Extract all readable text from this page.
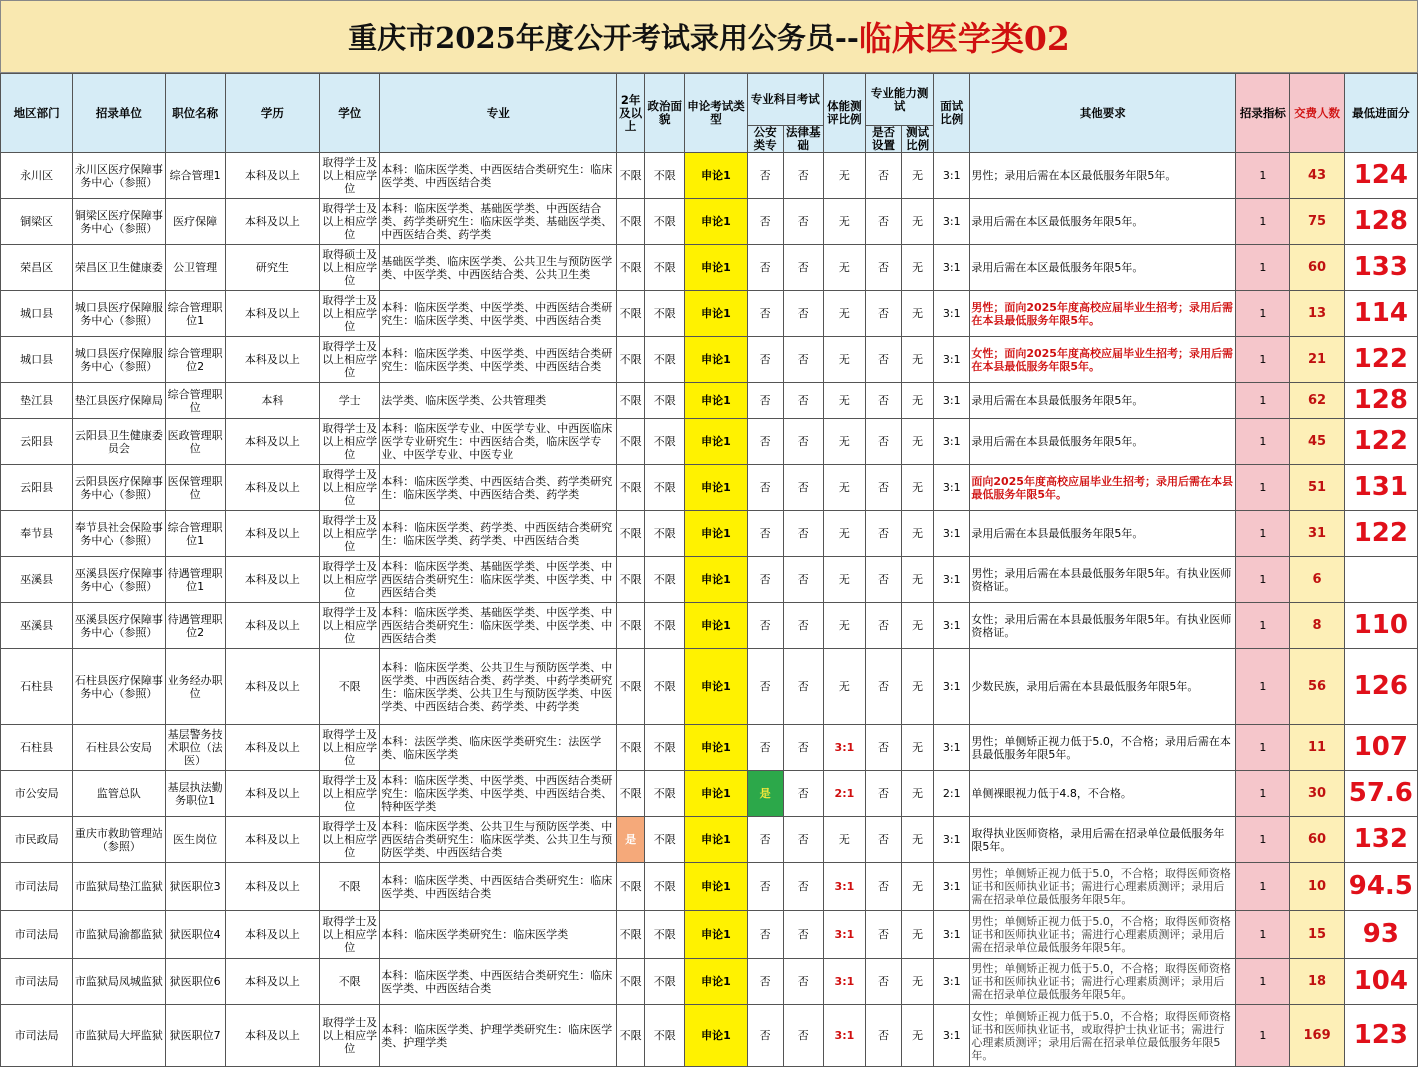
重庆市2025年度公开考试录用公务员-- 临床医学类02
地区部门	招录单位	职位名称	学历	学位	专业	2年及以上	政治面貌	申论考试类型	专业科目考试		体能测评比例	专业能力测试		面试比例	其他要求	招录指标	交费人数	最低进面分
									公安类专	法律基础		是否设置	测试比例					

永川区	永川区医疗保障事务中心（参照）	综合管理1	本科及以上	取得学士及以上相应学位	本科：临床医学类、中西医结合类研究生：临床医学类、中西医结合类	不限	不限	申论1	否	否	无	否	无	3:1	男性；录用后需在本区最低服务年限5年。	1	43	124

铜梁区	铜梁区医疗保障事务中心（参照）	医疗保障	本科及以上	取得学士及以上相应学位	本科：临床医学类、基础医学类、中西医结合类、药学类研究生：临床医学类、基础医学类、中西医结合类、药学类	不限	不限	申论1	否	否	无	否	无	3:1	录用后需在本区最低服务年限5年。	1	75	128

荣昌区	荣昌区卫生健康委	公卫管理	研究生	取得硕士及以上相应学位	基础医学类、临床医学类、公共卫生与预防医学类、中医学类、中西医结合类、公共卫生类	不限	不限	申论1	否	否	无	否	无	3:1	录用后需在本区最低服务年限5年。	1	60	133

城口县	城口县医疗保障服务中心（参照）	综合管理职位1	本科及以上	取得学士及以上相应学位	本科：临床医学类、中医学类、中西医结合类研究生：临床医学类、中医学类、中西医结合类	不限	不限	申论1	否	否	无	否	无	3:1	男性；面向2025年度高校应届毕业生招考；录用后需在本县最低服务年限5年。	1	13	114

城口县	城口县医疗保障服务中心（参照）	综合管理职位2	本科及以上	取得学士及以上相应学位	本科：临床医学类、中医学类、中西医结合类研究生：临床医学类、中医学类、中西医结合类	不限	不限	申论1	否	否	无	否	无	3:1	女性；面向2025年度高校应届毕业生招考；录用后需在本县最低服务年限5年。	1	21	122

垫江县	垫江县医疗保障局	综合管理职位	本科	学士	法学类、临床医学类、公共管理类	不限	不限	申论1	否	否	无	否	无	3:1	录用后需在本县最低服务年限5年。	1	62	128

云阳县	云阳县卫生健康委员会	医政管理职位	本科及以上	取得学士及以上相应学位	本科：临床医学专业、中医学专业、中西医临床医学专业研究生：中西医结合类，临床医学专业、中医学专业、中医专业	不限	不限	申论1	否	否	无	否	无	3:1	录用后需在本县最低服务年限5年。	1	45	122

云阳县	云阳县医疗保障事务中心（参照）	医保管理职位	本科及以上	取得学士及以上相应学位	本科：临床医学类、中西医结合类、药学类研究生：临床医学类、中西医结合类、药学类	不限	不限	申论1	否	否	无	否	无	3:1	面向2025年度高校应届毕业生招考；录用后需在本县最低服务年限5年。	1	51	131

奉节县	奉节县社会保险事务中心（参照）	综合管理职位1	本科及以上	取得学士及以上相应学位	本科：临床医学类、药学类、中西医结合类研究生：临床医学类、药学类、中西医结合类	不限	不限	申论1	否	否	无	否	无	3:1	录用后需在本县最低服务年限5年。	1	31	122

巫溪县	巫溪县医疗保障事务中心（参照）	待遇管理职位1	本科及以上	取得学士及以上相应学位	本科：临床医学类、基础医学类、中医学类、中西医结合类研究生：临床医学类、中医学类、中西医结合类	不限	不限	申论1	否	否	无	否	无	3:1	男性；录用后需在本县最低服务年限5年。有执业医师资格证。	1	6	

巫溪县	巫溪县医疗保障事务中心（参照）	待遇管理职位2	本科及以上	取得学士及以上相应学位	本科：临床医学类、基础医学类、中医学类、中西医结合类研究生：临床医学类、中医学类、中西医结合类	不限	不限	申论1	否	否	无	否	无	3:1	女性；录用后需在本县最低服务年限5年。有执业医师资格证。	1	8	110

石柱县	石柱县医疗保障事务中心（参照）	业务经办职位	本科及以上	不限	本科：临床医学类、公共卫生与预防医学类、中医学类、中西医结合类、药学类、中药学类研究生：临床医学类、公共卫生与预防医学类、中医学类、中西医结合类、药学类、中药学类	不限	不限	申论1	否	否	无	否	无	3:1	少数民族，录用后需在本县最低服务年限5年。	1	56	126

石柱县	石柱县公安局	基层警务技术职位（法医）	本科及以上	取得学士及以上相应学位	本科：法医学类、临床医学类研究生：法医学类、临床医学类	不限	不限	申论1	否	否	3:1	否	无	3:1	男性；单侧矫正视力低于5.0，不合格；录用后需在本县最低服务年限5年。	1	11	107

市公安局	监管总队	基层执法勤务职位1	本科及以上	取得学士及以上相应学位	本科：临床医学类、中医学类、中西医结合类研究生：临床医学类、中医学类、中西医结合类、特种医学类	不限	不限	申论1	是	否	2:1	否	无	2:1	单侧裸眼视力低于4.8，不合格。	1	30	57.6

市民政局	重庆市救助管理站（参照）	医生岗位	本科及以上	取得学士及以上相应学位	本科：临床医学类、公共卫生与预防医学类、中西医结合类研究生：临床医学类、公共卫生与预防医学类、中西医结合类	是	不限	申论1	否	否	无	否	无	3:1	取得执业医师资格，录用后需在招录单位最低服务年限5年。	1	60	132

市司法局	市监狱局垫江监狱	狱医职位3	本科及以上	不限	本科：临床医学类、中西医结合类研究生：临床医学类、中西医结合类	不限	不限	申论1	否	否	3:1	否	无	3:1	男性；单侧矫正视力低于5.0，不合格；取得医师资格证书和医师执业证书；需进行心理素质测评；录用后需在招录单位最低服务年限5年。	1	10	94.5

市司法局	市监狱局渝都监狱	狱医职位4	本科及以上	取得学士及以上相应学位	本科：临床医学类研究生：临床医学类	不限	不限	申论1	否	否	3:1	否	无	3:1	男性；单侧矫正视力低于5.0，不合格；取得医师资格证书和医师执业证书；需进行心理素质测评；录用后需在招录单位最低服务年限5年。	1	15	93

市司法局	市监狱局凤城监狱	狱医职位6	本科及以上	不限	本科：临床医学类、中西医结合类研究生：临床医学类、中西医结合类	不限	不限	申论1	否	否	3:1	否	无	3:1	男性；单侧矫正视力低于5.0，不合格；取得医师资格证书和医师执业证书；需进行心理素质测评；录用后需在招录单位最低服务年限5年。	1	18	104

市司法局	市监狱局大坪监狱	狱医职位7	本科及以上	取得学士及以上相应学位	本科：临床医学类、护理学类研究生：临床医学类、护理学类	不限	不限	申论1	否	否	3:1	否	无	3:1	女性；单侧矫正视力低于5.0，不合格；取得医师资格证书和医师执业证书，或取得护士执业证书；需进行心理素质测评；录用后需在招录单位最低服务年限5年。	1	169	123
